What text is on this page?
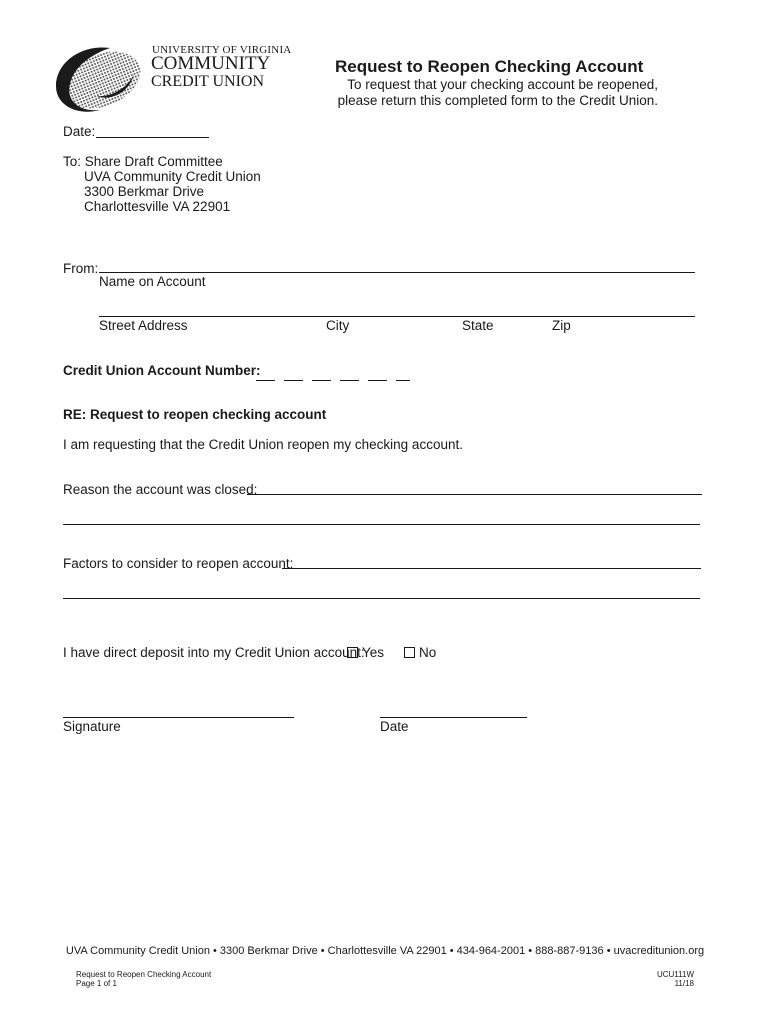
UNIVERSITY OF VIRGINIA
COMMUNITY
CREDIT UNION
Request to Reopen Checking Account
To request that your checking account be reopened,
please return this completed form to the Credit Union.
Date:
To: Share Draft Committee
UVA Community Credit Union
3300 Berkmar Drive
Charlottesville VA 22901
From:
Name on Account
Street Address	City	State	Zip
Credit Union Account Number:
RE: Request to reopen checking account
I am requesting that the Credit Union reopen my checking account.
Reason the account was closed:
Factors to consider to reopen account:
I have direct deposit into my Credit Union account:
Yes	No
Signature	Date
UVA Community Credit Union • 3300 Berkmar Drive • Charlottesville VA 22901 • 434-964-2001 • 888-887-9136 • uvacreditunion.org
Request to Reopen Checking Account
Page 1 of 1
UCU111W
11/18
